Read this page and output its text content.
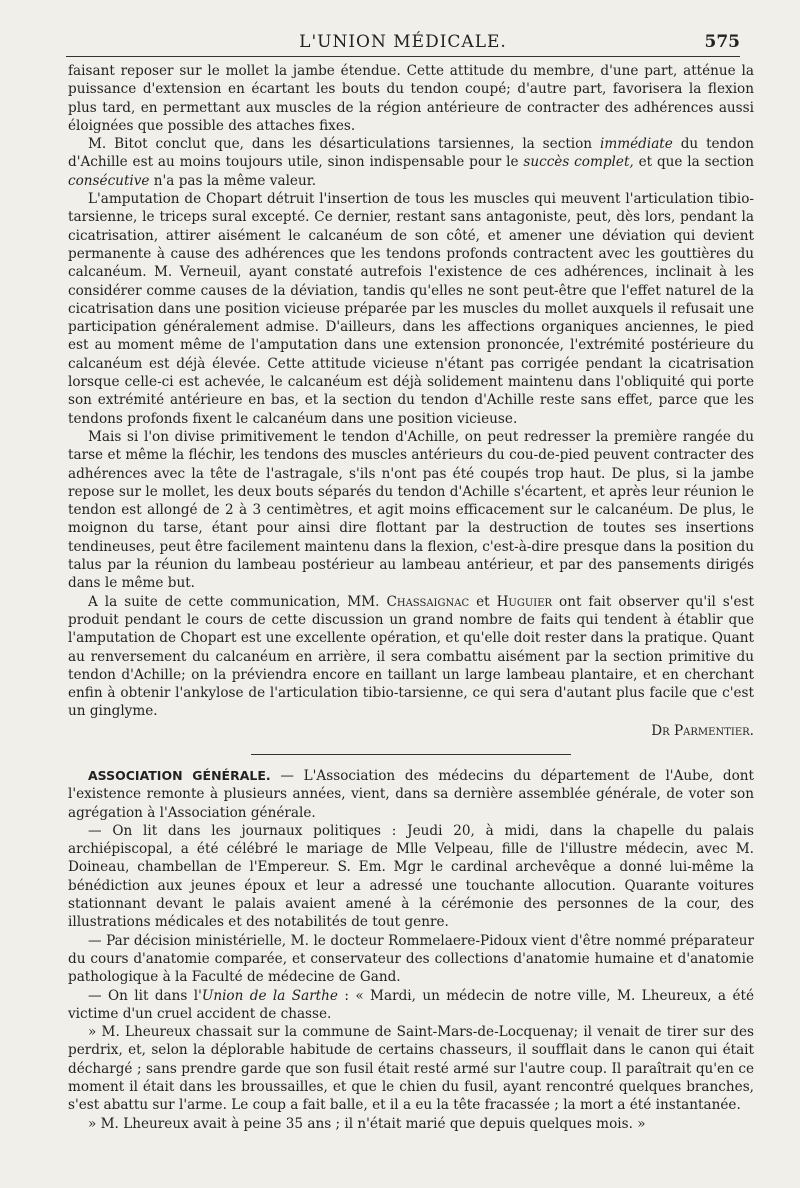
L'UNION MÉDICALE.	575

faisant reposer sur le mollet la jambe étendue. Cette attitude du membre, d'une part, atténue la puissance d'extension en écartant les bouts du tendon coupé; d'autre part, favorisera la flexion plus tard, en permettant aux muscles de la région antérieure de contracter des adhérences aussi éloignées que possible des attaches fixes.

M. Bitot conclut que, dans les désarticulations tarsiennes, la section immédiate du tendon d'Achille est au moins toujours utile, sinon indispensable pour le succès complet, et que la section consécutive n'a pas la même valeur.

L'amputation de Chopart détruit l'insertion de tous les muscles qui meuvent l'articulation tibio-tarsienne, le triceps sural excepté. Ce dernier, restant sans antagoniste, peut, dès lors, pendant la cicatrisation, attirer aisément le calcanéum de son côté, et amener une déviation qui devient permanente à cause des adhérences que les tendons profonds contractent avec les gouttières du calcanéum. M. Verneuil, ayant constaté autrefois l'existence de ces adhérences, inclinait à les considérer comme causes de la déviation, tandis qu'elles ne sont peut-être que l'effet naturel de la cicatrisation dans une position vicieuse préparée par les muscles du mollet auxquels il refusait une participation généralement admise. D'ailleurs, dans les affections organiques anciennes, le pied est au moment même de l'amputation dans une extension prononcée, l'extrémité postérieure du calcanéum est déjà élevée. Cette attitude vicieuse n'étant pas corrigée pendant la cicatrisation lorsque celle-ci est achevée, le calcanéum est déjà solidement maintenu dans l'obliquité qui porte son extrémité antérieure en bas, et la section du tendon d'Achille reste sans effet, parce que les tendons profonds fixent le calcanéum dans une position vicieuse.

Mais si l'on divise primitivement le tendon d'Achille, on peut redresser la première rangée du tarse et même la fléchir, les tendons des muscles antérieurs du cou-de-pied peuvent contracter des adhérences avec la tête de l'astragale, s'ils n'ont pas été coupés trop haut. De plus, si la jambe repose sur le mollet, les deux bouts séparés du tendon d'Achille s'écartent, et après leur réunion le tendon est allongé de 2 à 3 centimètres, et agit moins efficacement sur le calcanéum. De plus, le moignon du tarse, étant pour ainsi dire flottant par la destruction de toutes ses insertions tendineuses, peut être facilement maintenu dans la flexion, c'est-à-dire presque dans la position du talus par la réunion du lambeau postérieur au lambeau antérieur, et par des pansements dirigés dans le même but.

A la suite de cette communication, MM. Chassaignac et Huguier ont fait observer qu'il s'est produit pendant le cours de cette discussion un grand nombre de faits qui tendent à établir que l'amputation de Chopart est une excellente opération, et qu'elle doit rester dans la pratique. Quant au renversement du calcanéum en arrière, il sera combattu aisément par la section primitive du tendon d'Achille; on la préviendra encore en taillant un large lambeau plantaire, et en cherchant enfin à obtenir l'ankylose de l'articulation tibio-tarsienne, ce qui sera d'autant plus facile que c'est un ginglyme.

Dr Parmentier.

ASSOCIATION GÉNÉRALE. — L'Association des médecins du département de l'Aube, dont l'existence remonte à plusieurs années, vient, dans sa dernière assemblée générale, de voter son agrégation à l'Association générale.

— On lit dans les journaux politiques : Jeudi 20, à midi, dans la chapelle du palais archiépiscopal, a été célébré le mariage de Mlle Velpeau, fille de l'illustre médecin, avec M. Doineau, chambellan de l'Empereur. S. Em. Mgr le cardinal archevêque a donné lui-même la bénédiction aux jeunes époux et leur a adressé une touchante allocution. Quarante voitures stationnant devant le palais avaient amené à la cérémonie des personnes de la cour, des illustrations médicales et des notabilités de tout genre.

— Par décision ministérielle, M. le docteur Rommelaere-Pidoux vient d'être nommé préparateur du cours d'anatomie comparée, et conservateur des collections d'anatomie humaine et d'anatomie pathologique à la Faculté de médecine de Gand.

— On lit dans l'Union de la Sarthe : « Mardi, un médecin de notre ville, M. Lheureux, a été victime d'un cruel accident de chasse.

» M. Lheureux chassait sur la commune de Saint-Mars-de-Locquenay; il venait de tirer sur des perdrix, et, selon la déplorable habitude de certains chasseurs, il soufflait dans le canon qui était déchargé ; sans prendre garde que son fusil était resté armé sur l'autre coup. Il paraîtrait qu'en ce moment il était dans les broussailles, et que le chien du fusil, ayant rencontré quelques branches, s'est abattu sur l'arme. Le coup a fait balle, et il a eu la tête fracassée ; la mort a été instantanée.

» M. Lheureux avait à peine 35 ans ; il n'était marié que depuis quelques mois. »
